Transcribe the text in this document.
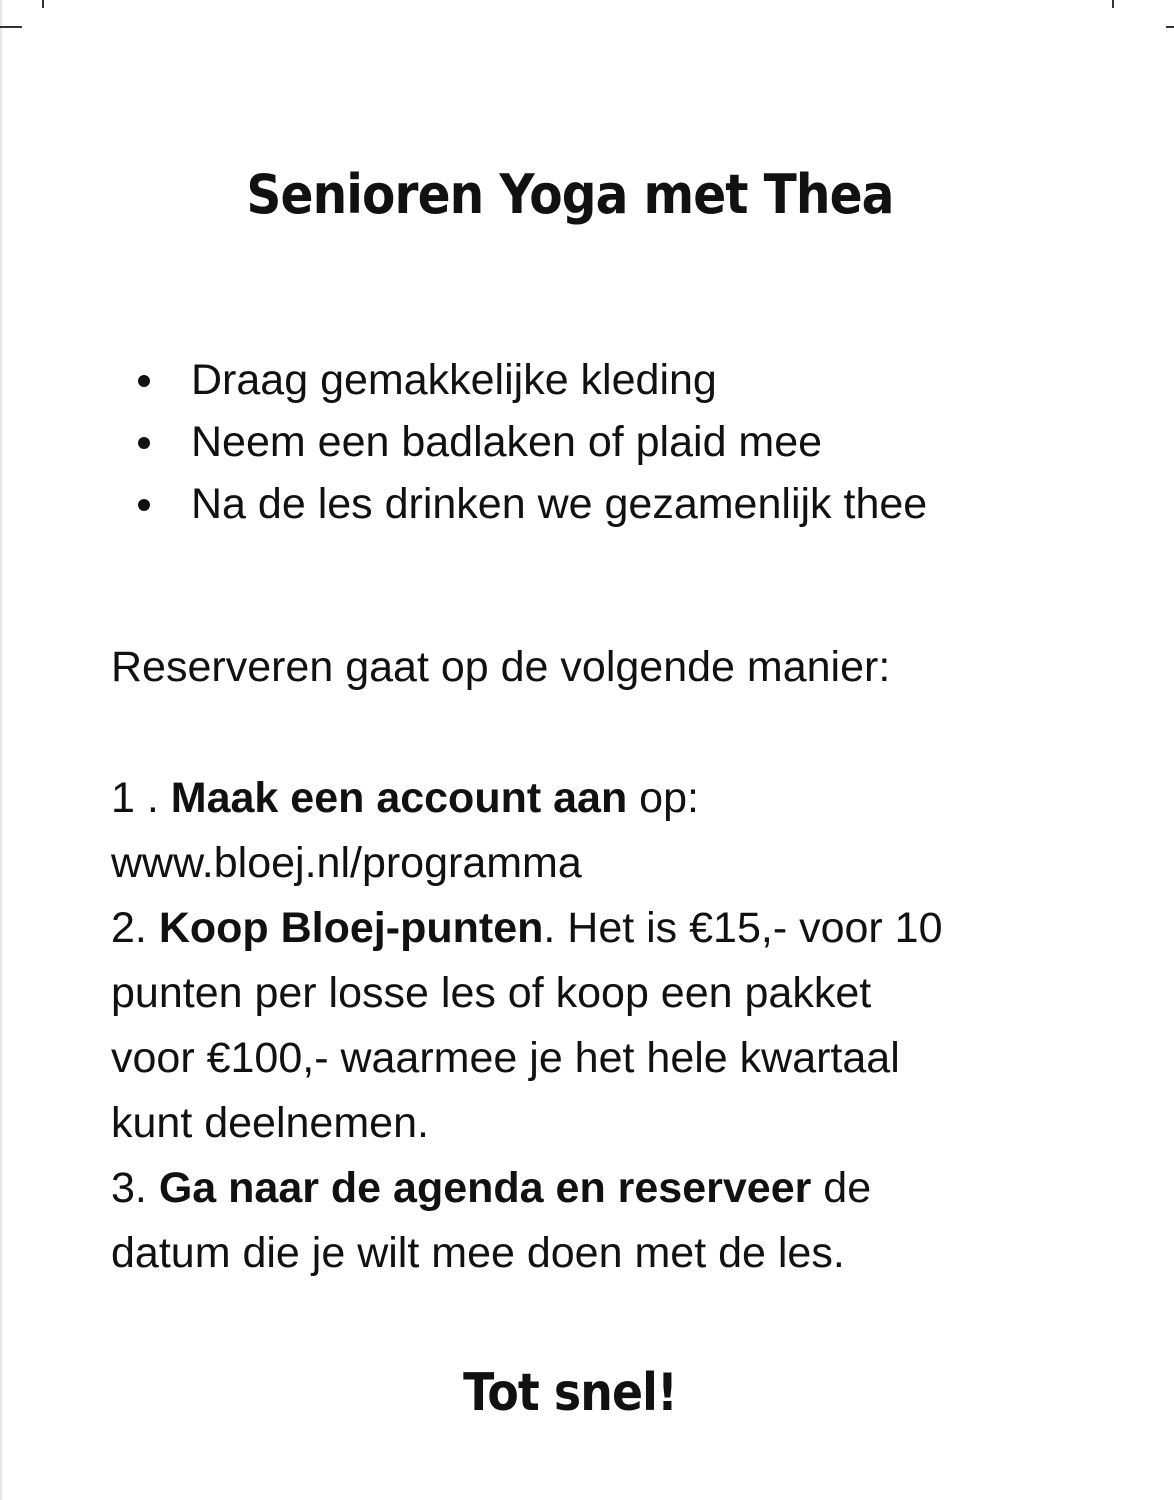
Senioren Yoga met Thea
Draag gemakkelijke kleding
Neem een badlaken of plaid mee
Na de les drinken we gezamenlijk thee
Reserveren gaat op de volgende manier:
1 . Maak een account aan op:
www.bloej.nl/programma
2. Koop Bloej-punten. Het is €15,- voor 10
punten per losse les of koop een pakket
voor €100,- waarmee je het hele kwartaal
kunt deelnemen.
3. Ga naar de agenda en reserveer de
datum die je wilt mee doen met de les.
Tot snel!
